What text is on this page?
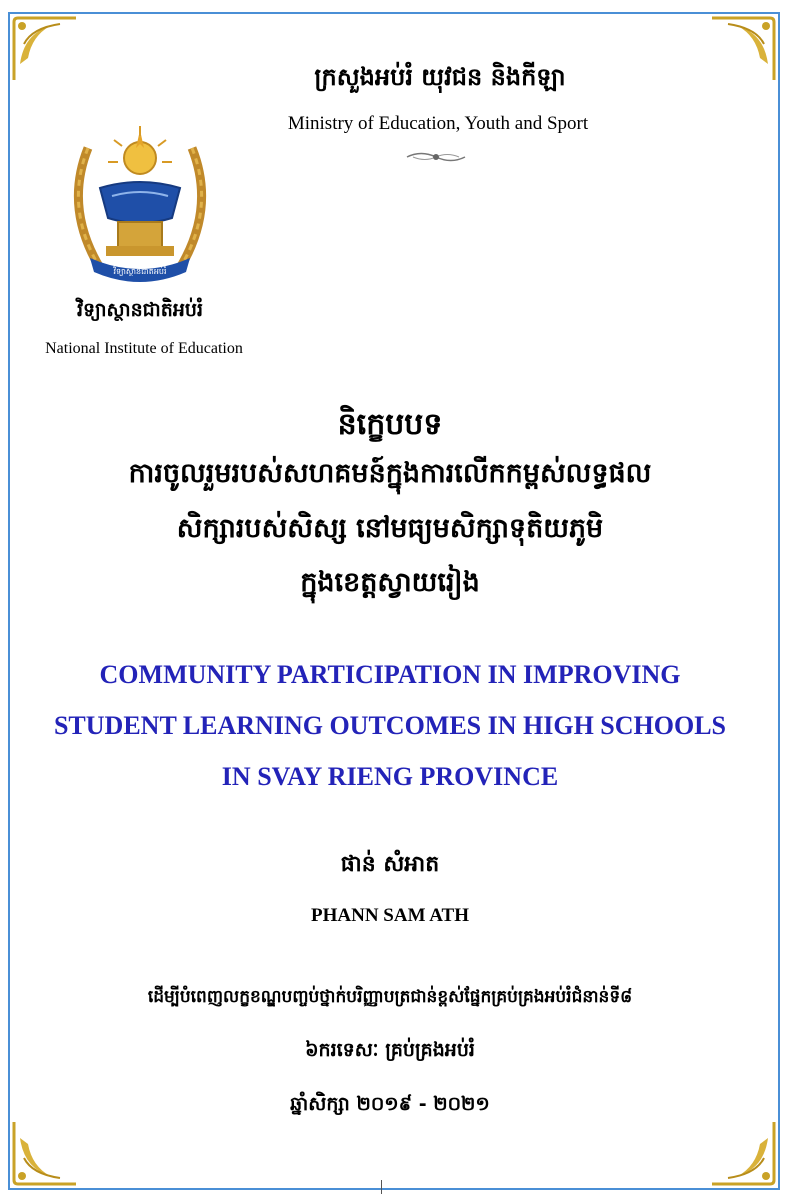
ក្រសួងអប់រំ យុវជន និងកីឡា
Ministry of Education, Youth and Sport
វិទ្យាស្ថានជាតិអប់រំ
វិទ្យាស្ថានជាតិអប់រំ
National Institute of Education
និក្ខេបបទ
ការចូលរួមរបស់សហគមន៍ក្នុងការលើកកម្ពស់លទ្ធផល
សិក្សារបស់សិស្ស នៅមធ្យមសិក្សាទុតិយភូមិ
ក្នុងខេត្តស្វាយរៀង
COMMUNITY PARTICIPATION IN IMPROVING
STUDENT LEARNING OUTCOMES IN HIGH SCHOOLS
IN SVAY RIENG PROVINCE
ផាន់ សំអាត
PHANN SAM ATH
ដើម្បីបំពេញលក្ខខណ្ឌបញ្ចប់ថ្នាក់បរិញ្ញាបត្រជាន់ខ្ពស់ផ្នែកគ្រប់គ្រងអប់រំជំនាន់ទី៨
៦ករទេសៈ គ្រប់គ្រងអប់រំ
ឆ្នាំសិក្សា ២០១៩ - ២០២១
